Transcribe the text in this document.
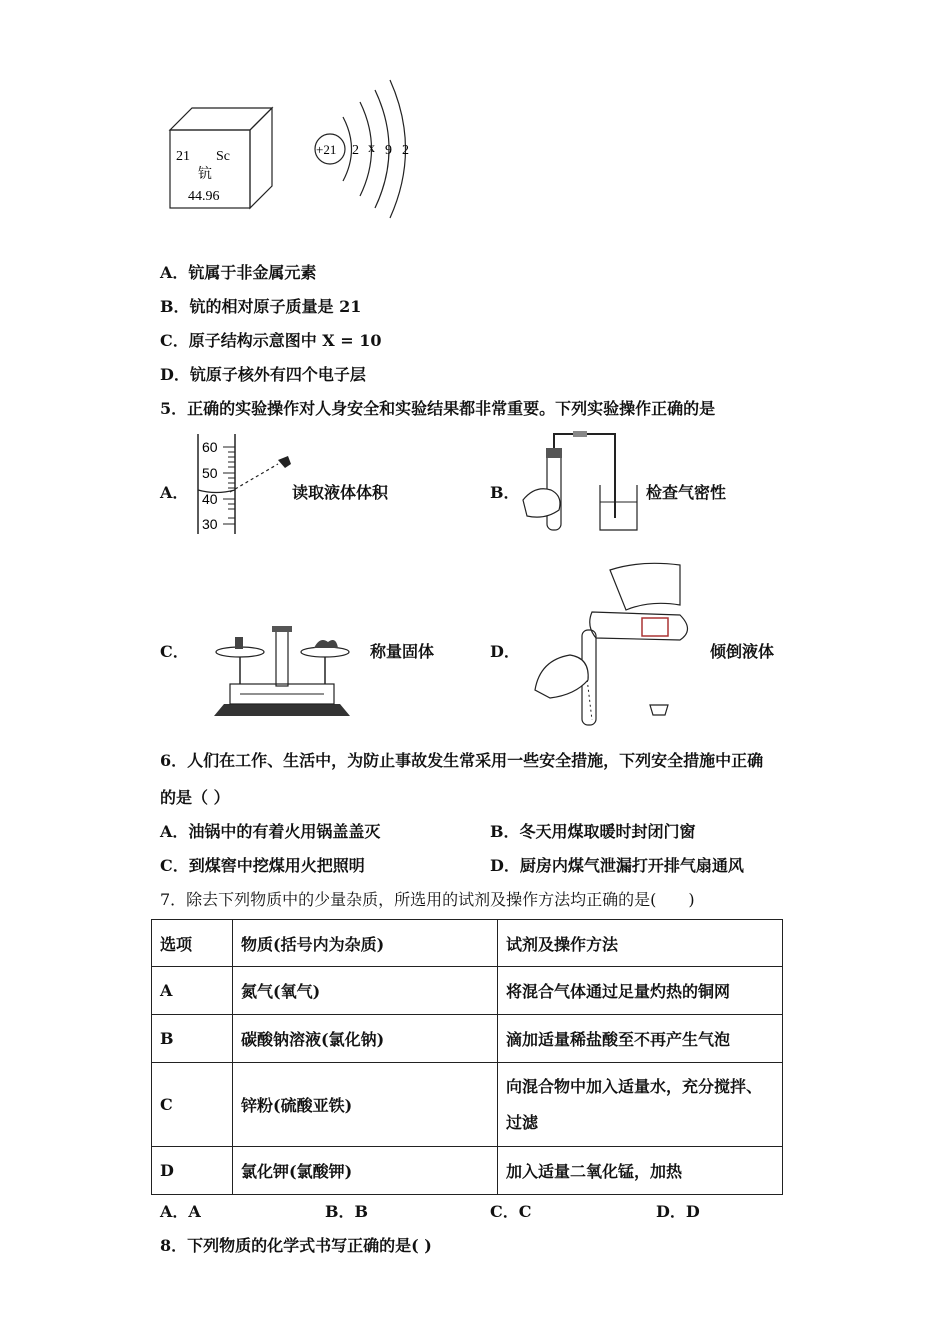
21 Sc
钪
44.96
+21 2 x 9 2
A．钪属于非金属元素
B．钪的相对原子质量是 21
C．原子结构示意图中 X = 10
D．钪原子核外有四个电子层
5．正确的实验操作对人身安全和实验结果都非常重要。下列实验操作正确的是
A．
60
50
40
30
读取液体体积	B．	检查气密性
C．	称量固体	D．	倾倒液体
6．人们在工作、生活中，为防止事故发生常采用一些安全措施，下列安全措施中正确
的是（ ）
A．油锅中的有着火用锅盖盖灭	B．冬天用煤取暖时封闭门窗
C．到煤窖中挖煤用火把照明	D．厨房内煤气泄漏打开排气扇通风
7．除去下列物质中的少量杂质，所选用的试剂及操作方法均正确的是(　　)
选项	物质(括号内为杂质)	试剂及操作方法
A	氮气(氧气)	将混合气体通过足量灼热的铜网
B	碳酸钠溶液(氯化钠)	滴加适量稀盐酸至不再产生气泡
C	锌粉(硫酸亚铁)	向混合物中加入适量水，充分搅拌、过滤
D	氯化钾(氯酸钾)	加入适量二氧化锰，加热
A．A	B．B	C．C	D．D
8．下列物质的化学式书写正确的是( )
